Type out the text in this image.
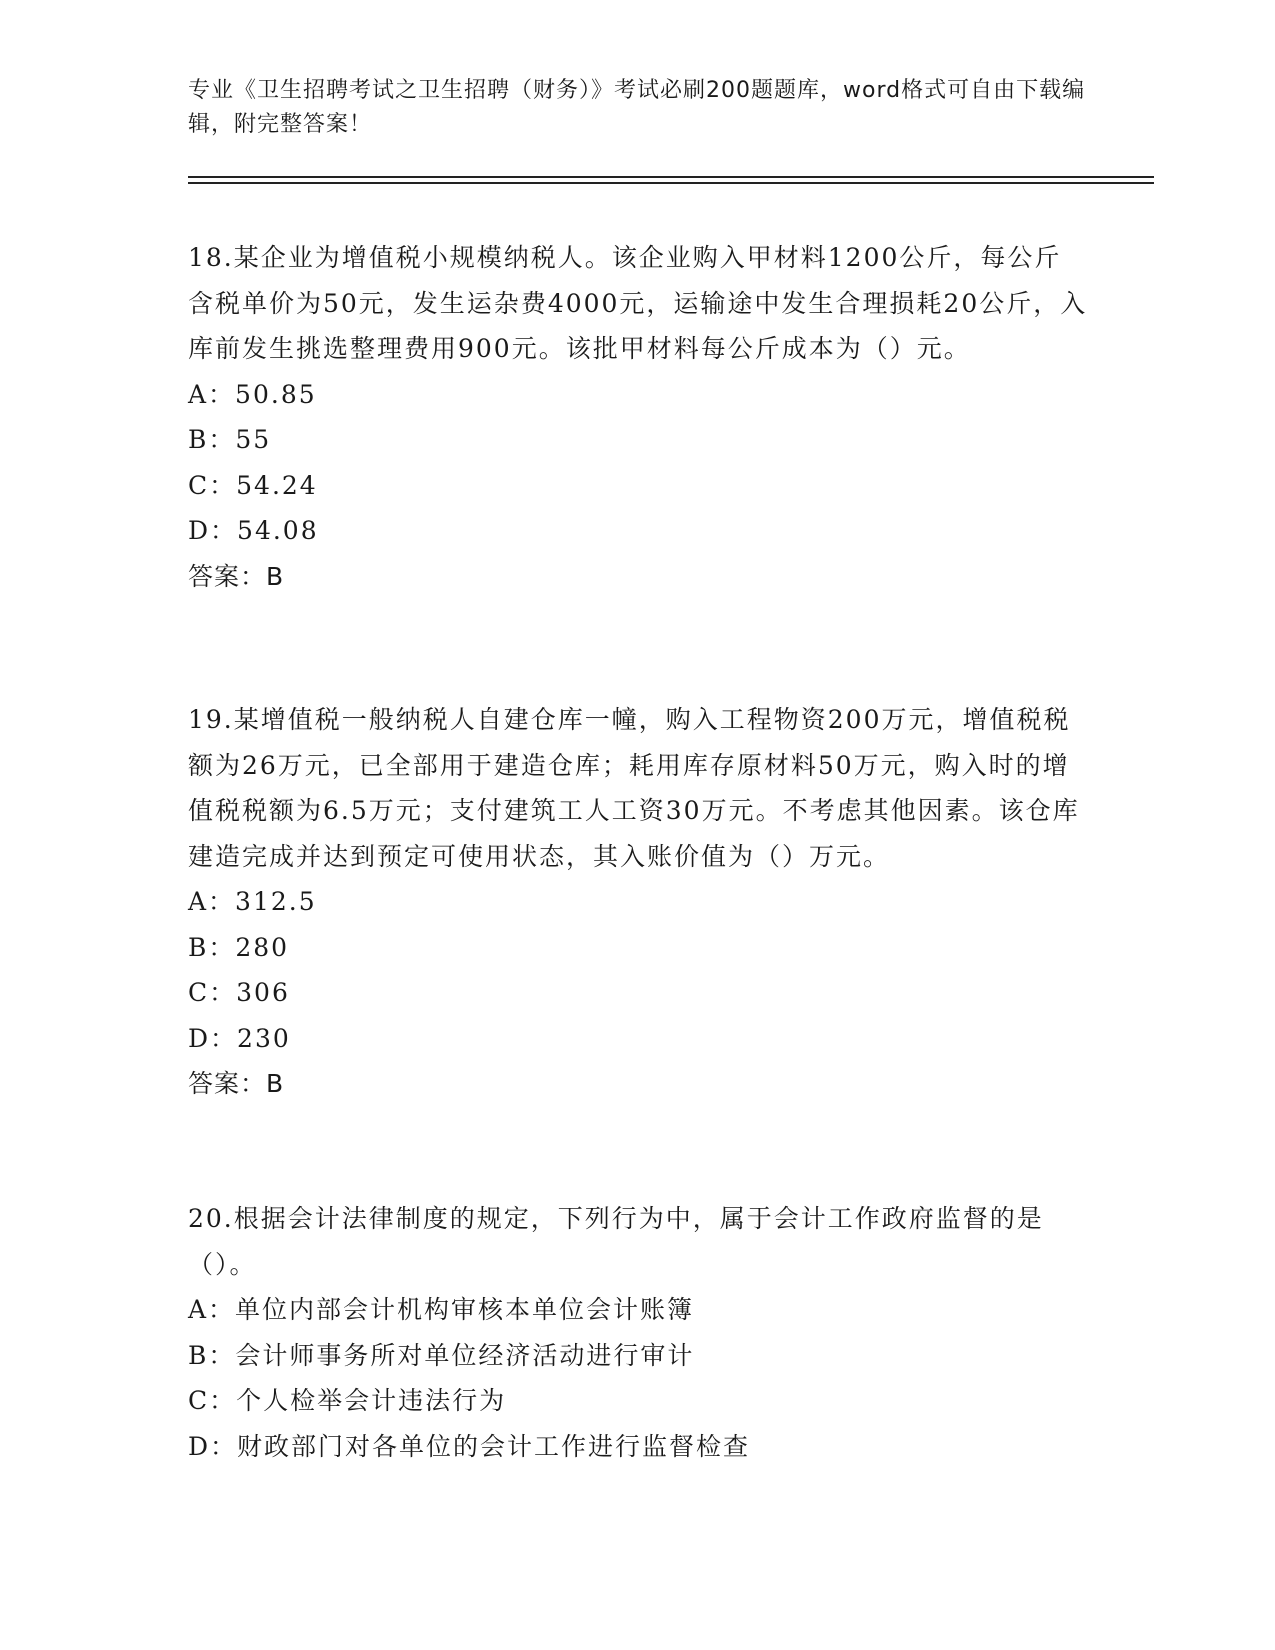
专业《卫生招聘考试之卫生招聘（财务）》考试必刷200题题库，word格式可自由下载编辑，附完整答案！
18.某企业为增值税小规模纳税人。该企业购入甲材料1200公斤，每公斤含税单价为50元，发生运杂费4000元，运输途中发生合理损耗20公斤，入库前发生挑选整理费用900元。该批甲材料每公斤成本为（）元。
A：50.85
B：55
C：54.24
D：54.08
答案：B
19.某增值税一般纳税人自建仓库一幢，购入工程物资200万元，增值税税额为26万元，已全部用于建造仓库；耗用库存原材料50万元，购入时的增值税税额为6.5万元；支付建筑工人工资30万元。不考虑其他因素。该仓库建造完成并达到预定可使用状态，其入账价值为（）万元。
A：312.5
B：280
C：306
D：230
答案：B
20.根据会计法律制度的规定，下列行为中，属于会计工作政府监督的是（）。
A：单位内部会计机构审核本单位会计账簿
B：会计师事务所对单位经济活动进行审计
C：个人检举会计违法行为
D：财政部门对各单位的会计工作进行监督检查
